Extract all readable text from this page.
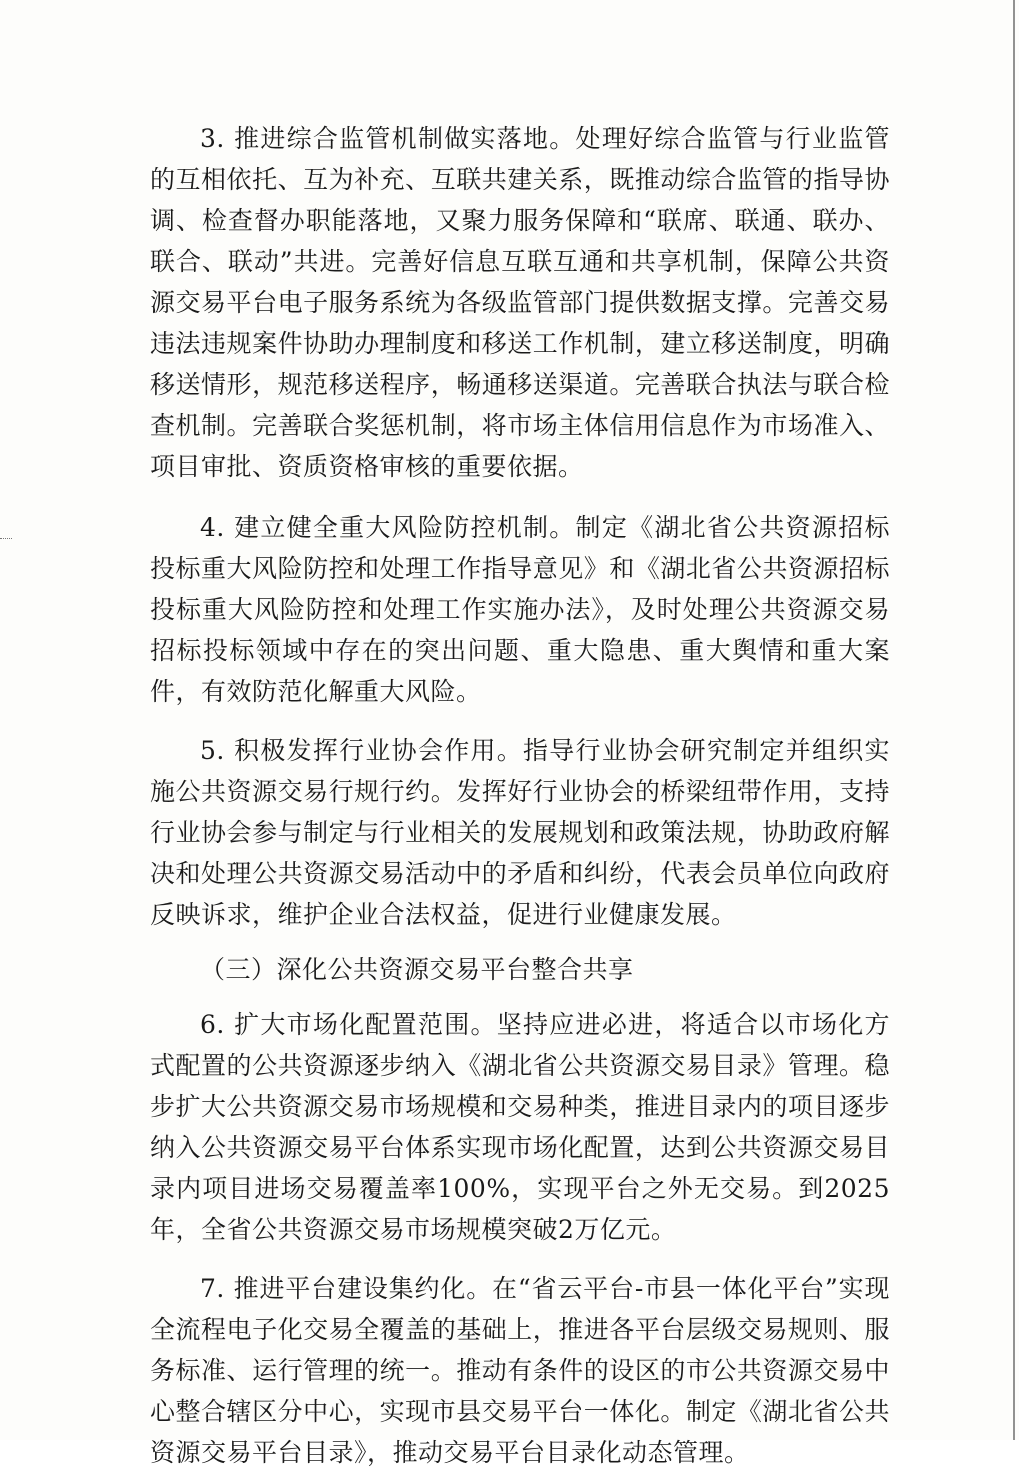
3. 推进综合监管机制做实落地。处理好综合监管与行业监管的互相依托、互为补充、互联共建关系，既推动综合监管的指导协调、检查督办职能落地，又聚力服务保障和“联席、联通、联办、联合、联动”共进。完善好信息互联互通和共享机制，保障公共资源交易平台电子服务系统为各级监管部门提供数据支撑。完善交易违法违规案件协助办理制度和移送工作机制，建立移送制度，明确移送情形，规范移送程序，畅通移送渠道。完善联合执法与联合检查机制。完善联合奖惩机制，将市场主体信用信息作为市场准入、项目审批、资质资格审核的重要依据。

4. 建立健全重大风险防控机制。制定《湖北省公共资源招标投标重大风险防控和处理工作指导意见》和《湖北省公共资源招标投标重大风险防控和处理工作实施办法》，及时处理公共资源交易招标投标领域中存在的突出问题、重大隐患、重大舆情和重大案件，有效防范化解重大风险。

5. 积极发挥行业协会作用。指导行业协会研究制定并组织实施公共资源交易行规行约。发挥好行业协会的桥梁纽带作用，支持行业协会参与制定与行业相关的发展规划和政策法规，协助政府解决和处理公共资源交易活动中的矛盾和纠纷，代表会员单位向政府反映诉求，维护企业合法权益，促进行业健康发展。

（三）深化公共资源交易平台整合共享

6. 扩大市场化配置范围。坚持应进必进，将适合以市场化方式配置的公共资源逐步纳入《湖北省公共资源交易目录》管理。稳步扩大公共资源交易市场规模和交易种类，推进目录内的项目逐步纳入公共资源交易平台体系实现市场化配置，达到公共资源交易目录内项目进场交易覆盖率100%，实现平台之外无交易。到2025年，全省公共资源交易市场规模突破2万亿元。

7. 推进平台建设集约化。在“省云平台-市县一体化平台”实现全流程电子化交易全覆盖的基础上，推进各平台层级交易规则、服务标准、运行管理的统一。推动有条件的设区的市公共资源交易中心整合辖区分中心，实现市县交易平台一体化。制定《湖北省公共资源交易平台目录》，推动交易平台目录化动态管理。
